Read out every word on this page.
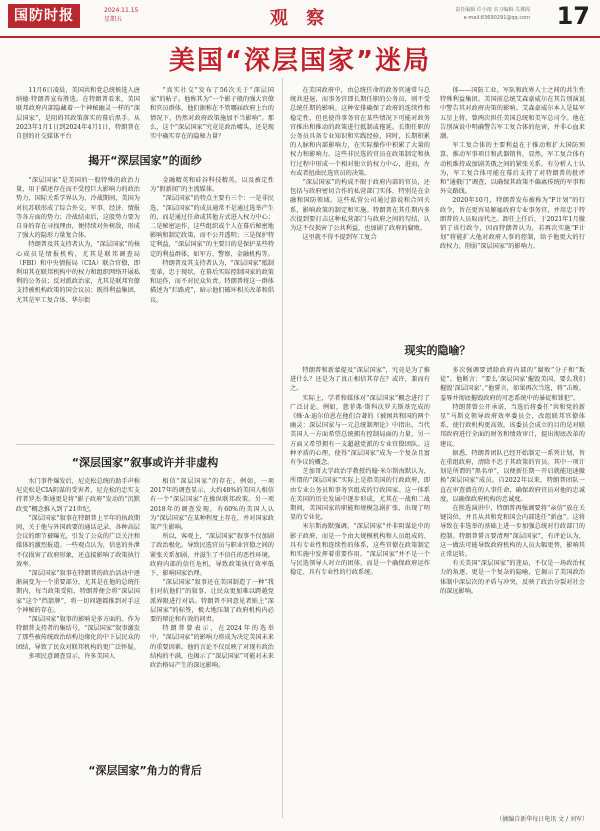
国防时报	2024.11.15
星期五	观 察	责任编辑 许小雨 实习编辑 关翼阁
e-mail:83690291@qq.com 17
美国“深层国家”迷局

11月6日凌晨，美国共和党总统候选人唐纳德·特朗普宣布胜选。在特朗普看来，美国联邦政府内部隐藏着一个神秘幽灵一样的“深层国家”，是阻碍其政策落实的幕后黑手。从2023年1月1日到2024年4月1日，特朗普在自创的社交媒体平台

“真实社交”发布了56次关于“深层国家”的帖子。他称其为“一个影子般的强大官僚和官员群体，他们据称在不管哪届政府上台的情况下，仍然对政府政策施加不当影响”。那么，这个“深层国家”究竟是政治噱头，还是现实中确实存在的隐秘力量？

揭开“深层国家”的面纱

“深层国家”是美国的一股特殊的政治力量，用于描述存在而不受控巨大影响力的政治势力，国际关系学界认为，冷战期间，美国为对抗苏联形成了综合外交、军事、经济、情报等各方面的势力；冷战结束后，这股势力要为自身的存在寻找理由，便持续对外树敌，形成了强大的隐形力量复合体。

特朗普及其支持者认为，“深层国家”的核心成员是情报机构，尤其是联邦调查局（FBI）和中央情报局（CIA）联合官僚，即利用其在联邦机构中的权力和组织网络开展私利的公务员；反对派政治家，尤其是联邦官僚支持被机构政策的国会议员；既得利益集团，尤其是军工复合体、华尔街

金融精英和硅谷科技精英，以及被定性为“假新闻”的主流媒体。

“深层国家”的特点主要有三个：一是非民选，“深层国家”的成员通常不是通过选举产生的，而是通过任命或其他方式进入权力中心；二是秘密运作，这些组织或个人在幕后秘密地影响和制定政策，而不公开透明；三是保护特定利益，“深层国家”的主要目的是保护某些特定的利益群体，如军方、警察、金融机构等。

特朗普及其支持者认为，“深层国家”抵制变革，忠于现状，在幕后实际控制国家的政策和运作，而不对民众负责。特朗普将这一群体描述为“拦路虎”，暗示他们破坏相关改革和倡议。

“深层国家”叙事或许并非虚构

水门事件爆发后，尼克松总统的助手声称尼克松是CIA阴谋的受害者，尼克松的忠实支持者罗杰·斯通更是将“影子政府”发动的“沉默政变”概念推入到了21世纪。

“深层国家”叙事在特朗普上半年的执政期间，关于他与外国政要的通话记录、各种高层会议的细节被曝光，引发了公众的广泛关注和媒体的激烈报道。一些观点认为，信息的外泄不仅损害了政府形象，还直接影响了政策执行效率。

“深层国家”叙事在特朗普的政治活动中逐渐演变为一个重要部分，尤其是在他的总统任期内，每当政策受阻，特朗普便会将“深层国家”这个“挡箭牌”，将一切问题都推到对手这个神秘的存在。

“深层国家”叙事的影响是多方面的。作为特朗普支持者的集结号，“深层国家”叙事激发了那些被传统政治结构边缘化的中下层民众的团结，导致了民众对联邦机构的更广泛怀疑。

多项民意调查显示，许多美国人

相信“深层国家”的存在。例如，一项2017年的调查显示，大约48%的美国人相信有一个“深层国家”在操纵联邦政策。另一项2018年的调查发现，有60%的美国人认为“深层国家”在某种程度上存在，并对国家政策产生影响。

所以，客观上，“深层国家”叙事不仅加剧了政治极化，导致民选官员与职业官僚之间的紧张关系加剧，并滋生了不信任的恶性环境。政府内部的信任危机，导致政策执行效率低下，影响国家治理。

“深层国家”叙事还在美国制造了一种“我们对抗他们”的叙事，让民众更加难以跨越党派界限进行对话。特朗普不同意见者贴上“深层国家”的标签，极大地压制了政府机构内必要的辩论和有效的问责。

特朗普曾表示，在2024年的选举中，“深层国家”的影响力将成为决定美国未来的重要因素。他的言论不仅反映了对现有政治结构的不满，也揭示了“深层国家”可能对未来政治格局产生的深远影响。

“深层国家”角力的背后

在美国政府中，由总统任命的政务官通常与总统共进退，而事务官即长期任职的公务员，则不受总统任期的影响。这种安排确保了政府的连续性和稳定性，但也使得事务官在某些情况下可能对政务官推出和推动的政策进行抵制或拖延。长期任职的公务员具备专业知识和实践经验，同时，长期积累的人脉和内部影响力，在实际操作中积累了大量的权力和影响力。这些非民选的官员在政策制定和执行过程中形成一个相对独立的权力中心，进而，左右或者扭曲民选官员的决策。

“深层国家”的构成不限于政府内部的官员，还包括与政府密切合作的私营部门实体，特别是在金融和国防领域。这些私营公司通过游说和合同关系，影响政策的制定和实施。特朗普在其任期内多次提到要打击这种私营部门与政府之间的勾结，认为这不仅损害了公共利益，也加剧了政府的腐败。

这里就不得不提到军工复合

体——国防工业、军队和政界人士之间的共生性特殊利益集团。美国前总统艾森豪威尔在其告别演说中警告其对政府决策的影响。艾森豪威尔本人是陆军五星上将，曾两次担任美国总统和美军总司令。他在告别演说中明确警告军工复合体的危害，并非心血来潮。

军工复合体的主要利益在于推动和扩大国防预算、推动军事项目和武器销售，显然，军工复合体有动机维持或加剧美俄之间的紧张关系。有分析人士认为，军工复合体可能在幕后支持了对特朗普的批评和“通俄门”调查，以确保其政策不偏离传统的军事和外交路线。

2020年10月，特朗普发布被称为“F计划”的行政令，旨在更容易解雇政府专业事务官，并用忠于特朗普的人员取而代之。卸任上任后，于2021年1月撤销了该行政令，因而特朗普认为，若再次实施“F计划”将能扩大他对政府人事的控制，给予他更大的行政权力，削弱“深层国家”的影响力。

现实的隐喻？

特朗普和新蒙提及“深层国家”，究竟是为了推进什么？还是为了真正相信其存在？或许，兼而有之。

实际上，学者和媒体对“深层国家”概念进行了广泛讨论。例如，慈菲弗·斯科沃罗夫斯基完成的《蛛·A·迪尔伯恩在他们合著的《被困共和国的两个幽灵：深层国家与一元总统制理论》中指出，当代美国人一方面希望总统拥有控制局面的力量，另一方面又希望拥有一支超越党派的专业官僚团队。这种矛盾的心理，使得“深层国家”成为一个复杂且富有争议的概念。

芝加哥大学政治学教授约翰·米尔斯海默认为，所谓的“深层国家”实际上是指美国的行政政府，即由专业公务员和事务官组成的行政国家。这一体系在美国的历史发展中逐步形成，尤其在一战和二战期间，美国国家的职能和规模急剧扩张，出现了明显的专业化。

米尔斯海默强调，“深层国家”并非阴谋论中的影子政府，而是一个由大规模机构和人员组成的、具有专业性和连续性的体系，这些官僚在政策制定和实施中发挥着重要作用。“深层国家”并不是一个与民选领导人对立的团体，而是一个确保政府运作稳定、具有专业性的行政系统。

多次强调要清除政府内部的“腐败”分子和“叛徒”。他断言：“要么‘深层国家’摧毁美国，要么我们摧毁‘深层国家’。”他誓言，如果再次当选，将“击败、羞辱并彻底摧毁政府的可恶系统中的暴徒和罪犯”。

特朗普曾公开承诺，当选后将委任“共和党的新星”马斯克领导政府效率委员会，改组联邦官僚体系，使行政机构更高效。该委员会成立的目的是对联邦政府进行全面的财务和绩效审计，提出彻底改革的建议。

据悉，特朗普团队已经开始制定一系列计划，旨在重组政府，清除不忠于其政策的官员。其中一项计划是所谓的“黑名单”，以便新任期一开启就能迅速撤换“深层国家”成员。自2022年以来，特朗普团队一直在审查潜在的人事任命，确保政府官员对他的忠诚度，以确保政府机构的忠诚度。

在胜选演讲中，特朗普再强调要将“亲信”放在关键岗位，并且从共和党和国会内部选任“新血”。这将导致在非选举的基础上进一步加强总统对行政部门的控制。特朗普誓言要清理“深层国家”，有评论认为，这一做法可能导致政府机构的人员大幅更替，影响其正常运转。

有关美国“深层国家”的迷局，不仅是一场政治权力的角逐，更是一个复杂的隐喻，它揭示了美国政治体制中深层次的矛盾与冲突，反映了政治分裂对社会的深远影响。

（摘编自新华每日电讯 文 / 刘军）
